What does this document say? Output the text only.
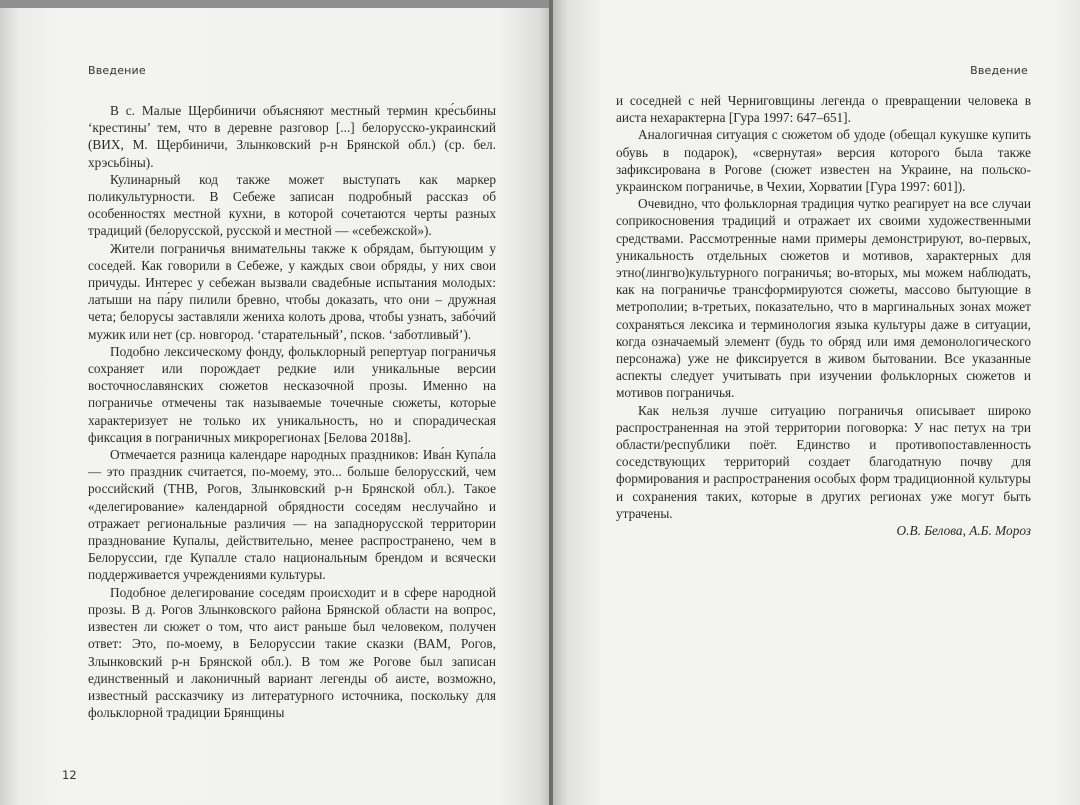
Введение

В с. Малые Щербиничи объясняют местный термин кре́сьбины ‘крестины’ тем, что в деревне разговор [...] белорусско-украинский (ВИХ, М. Щербиничи, Злынковский р-н Брянской обл.) (ср. бел. хрэсьбіны).

Кулинарный код также может выступать как маркер поликультурности. В Себеже записан подробный рассказ об особенностях местной кухни, в которой сочетаются черты разных традиций (белорусской, русской и местной — «себежской»).

Жители пограничья внимательны также к обрядам, бытующим у соседей. Как говорили в Себеже, у каждых свои обряды, у них свои причуды. Интерес у себежан вызвали свадебные испытания молодых: латыши на па́ру пилили бревно, чтобы доказать, что они – дружная чета; белорусы заставляли жениха колоть дрова, чтобы узнать, забо́чий мужик или нет (ср. новгород. ‘старательный’, псков. ‘заботливый’).

Подобно лексическому фонду, фольклорный репертуар пограничья сохраняет или порождает редкие или уникальные версии восточнославянских сюжетов несказочной прозы. Именно на пограничье отмечены так называемые точечные сюжеты, которые характеризует не только их уникальность, но и спорадическая фиксация в пограничных микрорегионах [Белова 2018в].

Отмечается разница календаре народных праздников: Ива́н Купа́ла — это праздник считается, по-моему, это... больше белорусский, чем российский (ТНВ, Рогов, Злынковский р-н Брянской обл.). Такое «делегирование» календарной обрядности соседям неслучайно и отражает региональные различия — на западнорусской территории празднование Купалы, действительно, менее распространено, чем в Белоруссии, где Купалле стало национальным брендом и всячески поддерживается учреждениями культуры.

Подобное делегирование соседям происходит и в сфере народной прозы. В д. Рогов Злынковского района Брянской области на вопрос, известен ли сюжет о том, что аист раньше был человеком, получен ответ: Это, по-моему, в Белоруссии такие сказки (ВАМ, Рогов, Злынковский р-н Брянской обл.). В том же Рогове был записан единственный и лаконичный вариант легенды об аисте, возможно, известный рассказчику из литературного источника, поскольку для фольклорной традиции Брянщины

12
Введение

и соседней с ней Черниговщины легенда о превращении человека в аиста нехарактерна [Гура 1997: 647–651].

Аналогичная ситуация с сюжетом об удоде (обещал кукушке купить обувь в подарок), «свернутая» версия которого была также зафиксирована в Рогове (сюжет известен на Украине, на польско-украинском пограничье, в Чехии, Хорватии [Гура 1997: 601]).

Очевидно, что фольклорная традиция чутко реагирует на все случаи соприкосновения традиций и отражает их своими художественными средствами. Рассмотренные нами примеры демонстрируют, во-первых, уникальность отдельных сюжетов и мотивов, характерных для этно(лингво)культурного пограничья; во-вторых, мы можем наблюдать, как на пограничье трансформируются сюжеты, массово бытующие в метрополии; в-третьих, показательно, что в маргинальных зонах может сохраняться лексика и терминология языка культуры даже в ситуации, когда означаемый элемент (будь то обряд или имя демонологического персонажа) уже не фиксируется в живом бытовании. Все указанные аспекты следует учитывать при изучении фольклорных сюжетов и мотивов пограничья.

Как нельзя лучше ситуацию пограничья описывает широко распространенная на этой территории поговорка: У нас петух на три области/республики поёт. Единство и противопоставленность соседствующих территорий создает благодатную почву для формирования и распространения особых форм традиционной культуры и сохранения таких, которые в других регионах уже могут быть утрачены.

О.В. Белова, А.Б. Мороз
